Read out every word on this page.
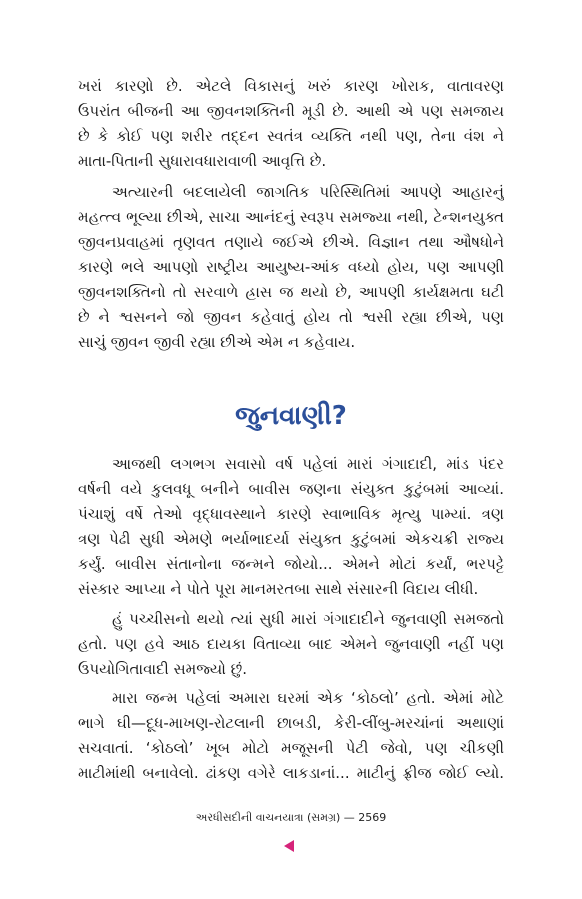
ખરાં કારણો છે. એટલે વિકાસનું ખરું કારણ ખોરાક, વાતાવરણ
ઉપરાંત બીજની આ જીવનશક્તિની મૂડી છે. આથી એ પણ સમજાય
છે કે કોઈ પણ શરીર તદ્દન સ્વતંત્ર વ્યક્તિ નથી પણ, તેના વંશ ને
માતા-પિતાની સુધારાવધારાવાળી આવૃત્તિ છે.
અત્યારની બદલાયેલી જાગતિક પરિસ્થિતિમાં આપણે આહારનું
મહત્ત્વ ભૂલ્યા છીએ, સાચા આનંદનું સ્વરૂપ સમજ્યા નથી, ટેન્શનયુક્ત
જીવનપ્રવાહમાં તૃણવત તણાયે જઈએ છીએ. વિજ્ઞાન તથા ઔષધોને
કારણે ભલે આપણો રાષ્ટ્રીય આયુષ્ય-આંક વધ્યો હોય, પણ આપણી
જીવનશક્તિનો તો સરવાળે હ્રાસ જ થયો છે, આપણી કાર્યક્ષમતા ઘટી
છે ને શ્વસનને જો જીવન કહેવાતું હોય તો શ્વસી રહ્યા છીએ, પણ
સાચું જીવન જીવી રહ્યા છીએ એમ ન કહેવાય.
જુનવાણી?
આજથી લગભગ સવાસો વર્ષ પહેલાં મારાં ગંગાદાદી, માંડ પંદર
વર્ષની વયે કુલવધૂ બનીને બાવીસ જણના સંયુક્ત કુટુંબમાં આવ્યાં.
પંચાશું વર્ષે તેઓ વૃદ્ધાવસ્થાને કારણે સ્વાભાવિક મૃત્યુ પામ્યાં. ત્રણ
ત્રણ પેઢી સુધી એમણે ભર્યાભાદર્યા સંયુક્ત કુટુંબમાં એકચક્રી રાજ્ય
કર્યું. બાવીસ સંતાનોના જન્મને જોયો... એમને મોટાં કર્યાં, ભરપટ્ટે
સંસ્કાર આપ્યા ને પોતે પૂરા માનમરતબા સાથે સંસારની વિદાય લીધી.
હું પચ્ચીસનો થયો ત્યાં સુધી મારાં ગંગાદાદીને જુનવાણી સમજતો
હતો. પણ હવે આઠ દાયકા વિતાવ્યા બાદ એમને જુનવાણી નહીં પણ
ઉપયોગિતાવાદી સમજ્યો છું.
મારા જન્મ પહેલાં અમારા ઘરમાં એક ‘કોઠલો’ હતો. એમાં મોટે
ભાગે ઘી—દૂધ-માખણ-રોટલાની છાબડી, કેરી-લીંબુ-મરચાંનાં અથાણાં
સચવાતાં. ‘કોઠલો’ ખૂબ મોટો મજૂસની પેટી જેવો, પણ ચીકણી
માટીમાંથી બનાવેલો. ઢાંકણ વગેરે લાકડાનાં... માટીનું ફ્રીજ જોઈ લ્યો.
અરધીસદીની વાચનયાત્રા (સમગ્ર) — 2569
